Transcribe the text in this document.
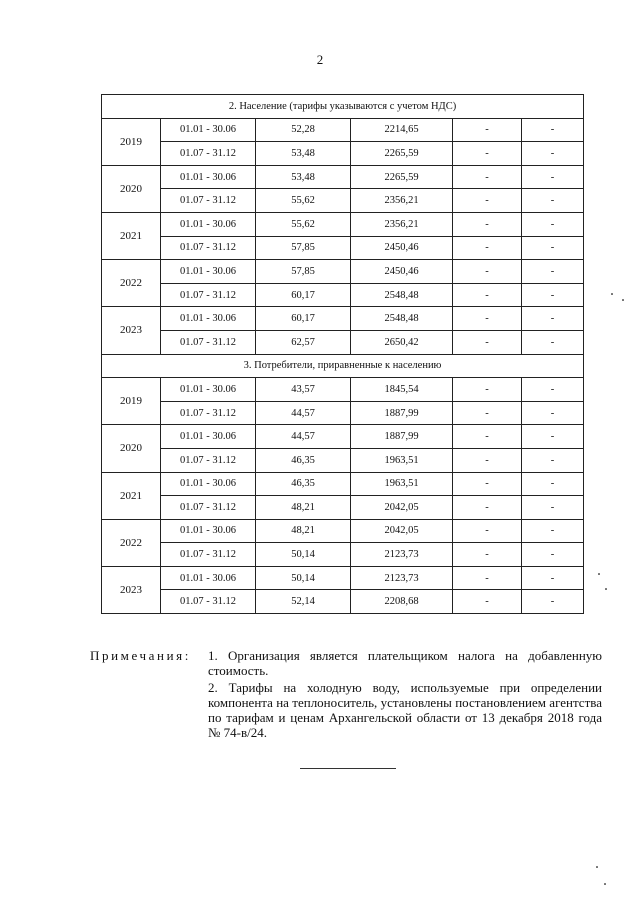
2
2. Население (тарифы указываются с учетом НДС)					
2019	01.01 - 30.06	52,28	2214,65	-	-
	01.07 - 31.12	53,48	2265,59	-	-
2020	01.01 - 30.06	53,48	2265,59	-	-
	01.07 - 31.12	55,62	2356,21	-	-
2021	01.01 - 30.06	55,62	2356,21	-	-
	01.07 - 31.12	57,85	2450,46	-	-
2022	01.01 - 30.06	57,85	2450,46	-	-
	01.07 - 31.12	60,17	2548,48	-	-
2023	01.01 - 30.06	60,17	2548,48	-	-
	01.07 - 31.12	62,57	2650,42	-	-
3. Потребители, приравненные к населению					
2019	01.01 - 30.06	43,57	1845,54	-	-
	01.07 - 31.12	44,57	1887,99	-	-
2020	01.01 - 30.06	44,57	1887,99	-	-
	01.07 - 31.12	46,35	1963,51	-	-
2021	01.01 - 30.06	46,35	1963,51	-	-
	01.07 - 31.12	48,21	2042,05	-	-
2022	01.01 - 30.06	48,21	2042,05	-	-
	01.07 - 31.12	50,14	2123,73	-	-
2023	01.01 - 30.06	50,14	2123,73	-	-
	01.07 - 31.12	52,14	2208,68	-	-
Примечания: 1. Организация является плательщиком налога на добавленную стоимость.

2. Тарифы на холодную воду, используемые при определении компонента на теплоноситель, установлены постановлением агентства по тарифам и ценам Архангельской области от 13 декабря 2018 года № 74-в/24.
